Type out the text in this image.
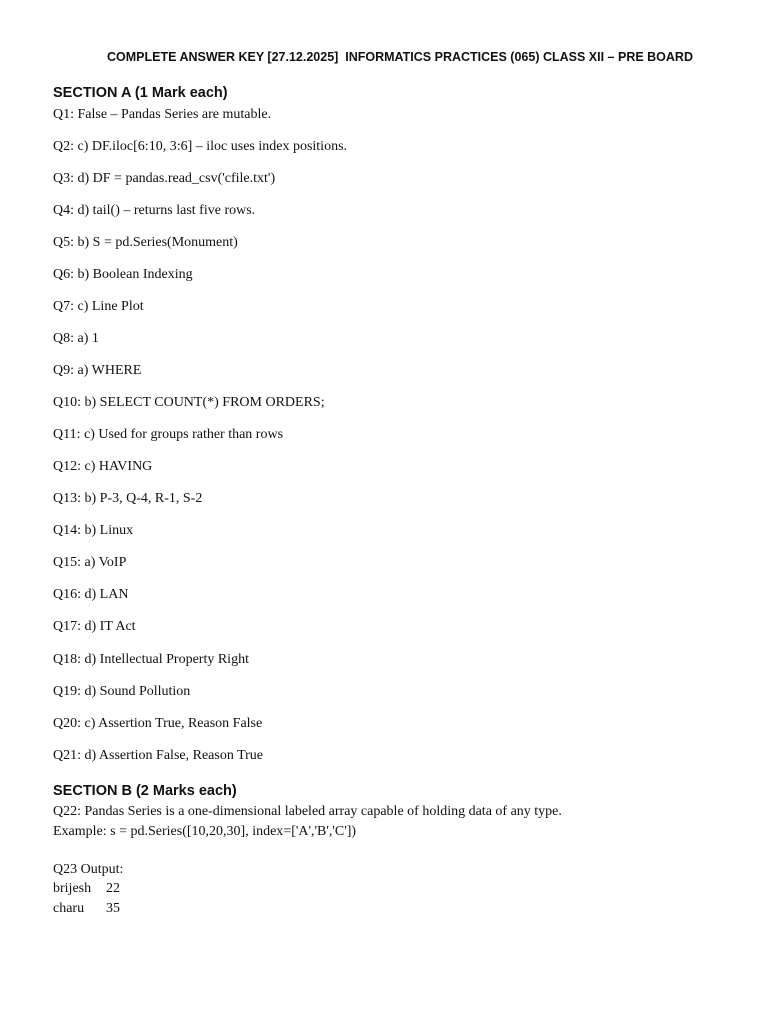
COMPLETE ANSWER KEY [27.12.2025]  INFORMATICS PRACTICES (065) CLASS XII – PRE BOARD
SECTION A (1 Mark each)
Q1: False – Pandas Series are mutable.
Q2: c) DF.iloc[6:10, 3:6] – iloc uses index positions.
Q3: d) DF = pandas.read_csv('cfile.txt')
Q4: d) tail() – returns last five rows.
Q5: b) S = pd.Series(Monument)
Q6: b) Boolean Indexing
Q7: c) Line Plot
Q8: a) 1
Q9: a) WHERE
Q10: b) SELECT COUNT(*) FROM ORDERS;
Q11: c) Used for groups rather than rows
Q12: c) HAVING
Q13: b) P-3, Q-4, R-1, S-2
Q14: b) Linux
Q15: a) VoIP
Q16: d) LAN
Q17: d) IT Act
Q18: d) Intellectual Property Right
Q19: d) Sound Pollution
Q20: c) Assertion True, Reason False
Q21: d) Assertion False, Reason True
SECTION B (2 Marks each)
Q22: Pandas Series is a one-dimensional labeled array capable of holding data of any type.
Example: s = pd.Series([10,20,30], index=['A','B','C'])
Q23 Output:
brijesh 22
charu 35
